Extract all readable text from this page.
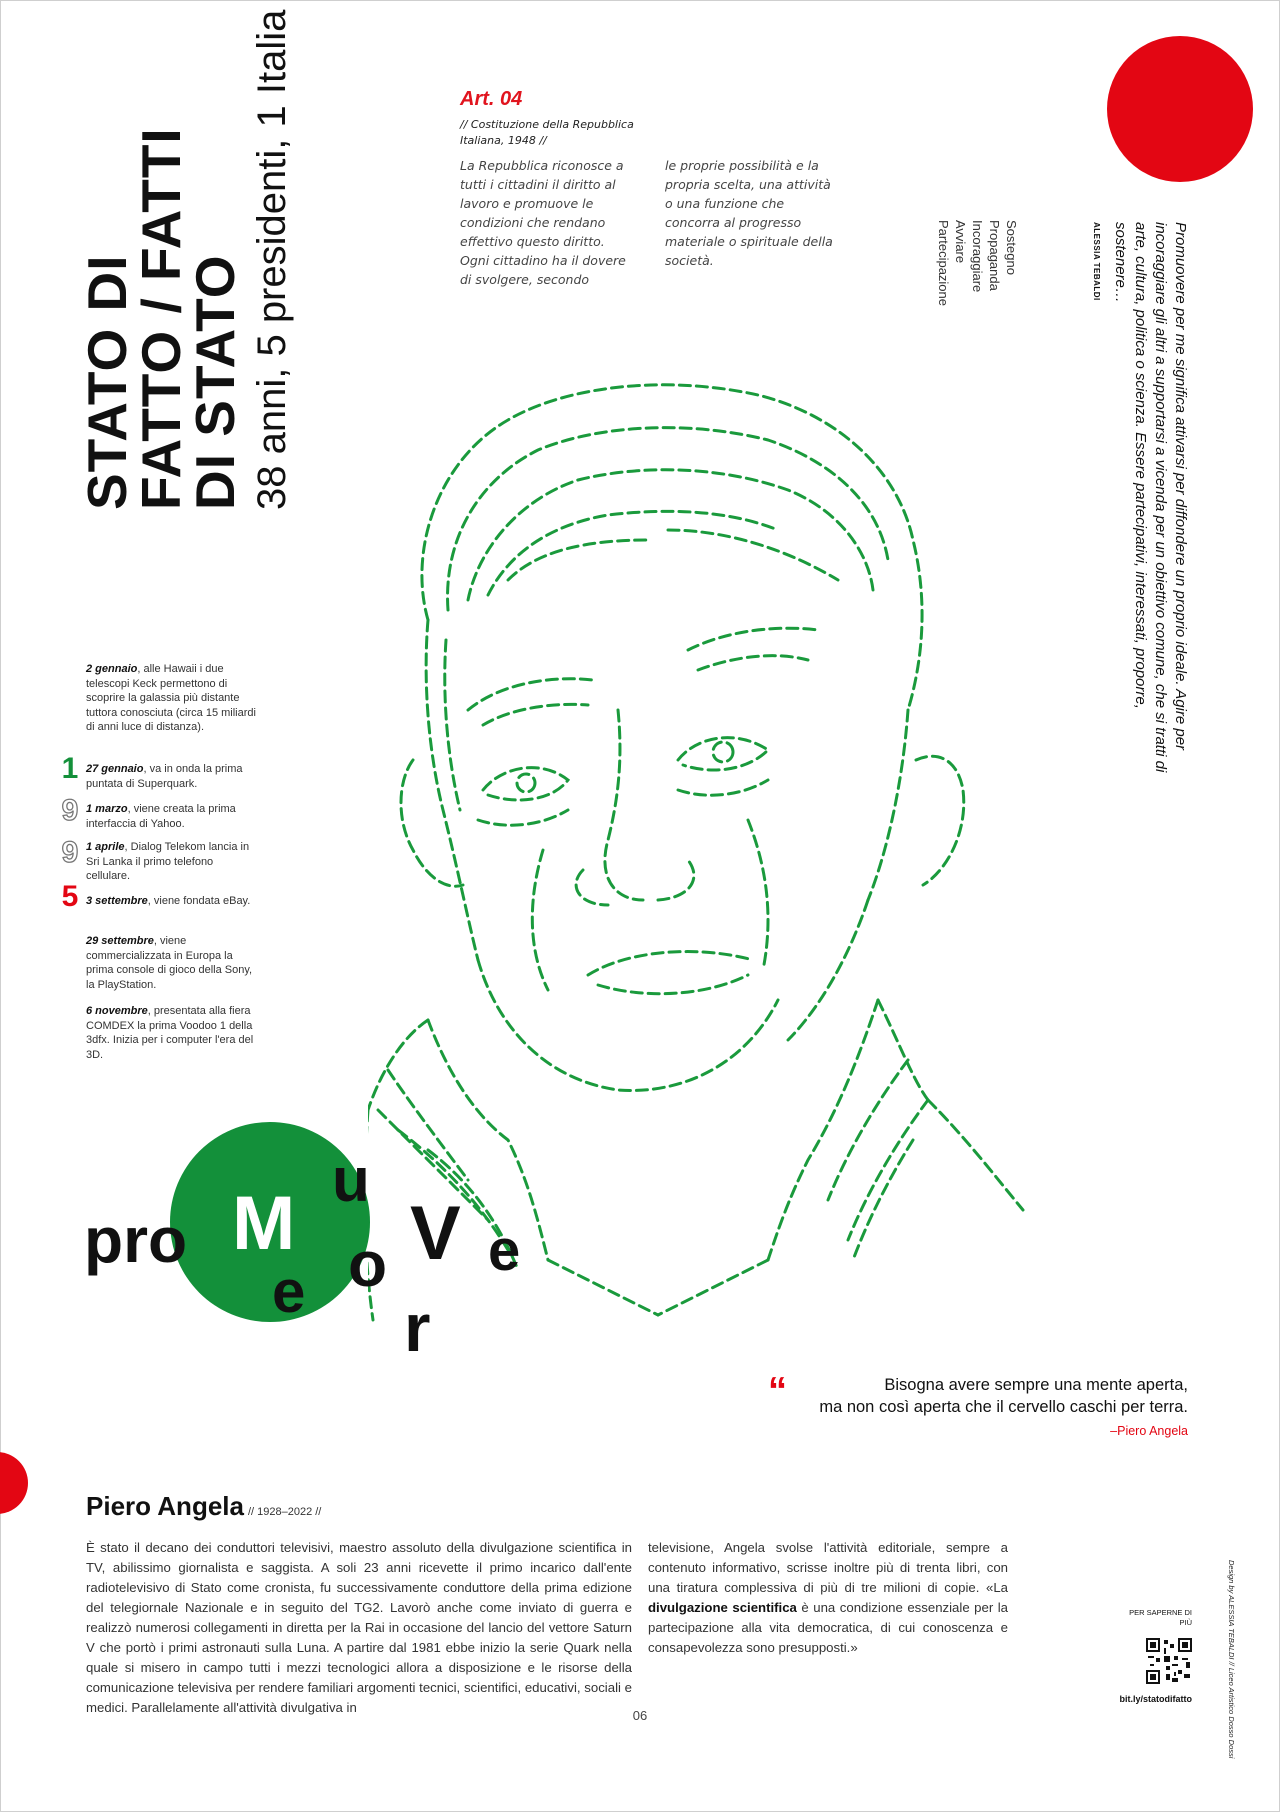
STATO DI
FATTO / FATTI
DI STATO 38 anni, 5 presidenti, 1 Italia	Art. 04
// Costituzione della Repubblica Italiana, 1948 //

La Repubblica riconosce a tutti i cittadini il diritto al lavoro e promuove le condizioni che rendano effettivo questo diritto. Ogni cittadino ha il dovere di svolgere, secondo

le proprie possibilità e la propria scelta, una attività o una funzione che concorra al progresso materiale o spirituale della società.	Sostegno
Propaganda
Incoraggiare
Avviare
Partecipazione	Promuovere per me significa attivarsi per diffondere un proprio ideale. Agire per incoraggiare gli altri a supportarsi a vicenda per un obiettivo comune, che si tratti di arte, cultura, politica o scienza. Essere partecipativi, interessati, proporre, sostenere…
ALESSIA TEBALDI
1
9
9
5
2 gennaio, alle Hawaii i due telescopi Keck permettono di scoprire la galassia più distante tuttora conosciuta (circa 15 miliardi di anni luce di distanza).
27 gennaio, va in onda la prima puntata di Superquark.
1 marzo, viene creata la prima interfaccia di Yahoo.
1 aprile, Dialog Telekom lancia in Sri Lanka il primo telefono cellulare.
3 settembre, viene fondata eBay.
29 settembre, viene commercializzata in Europa la prima console di gioco della Sony, la PlayStation.
6 novembre, presentata alla fiera COMDEX la prima Voodoo 1 della 3dfx. Inizia per i computer l'era del 3D.
pro M
u
o V e
e r
“	Bisogna avere sempre una mente aperta,
ma non così aperta che il cervello caschi per terra.
–Piero Angela
Piero Angela // 1928–2022 //
È stato il decano dei conduttori televisivi, maestro assoluto della divulgazione scientifica in TV, abilissimo giornalista e saggista. A soli 23 anni ricevette il primo incarico dall'ente radiotelevisivo di Stato come cronista, fu successivamente conduttore della prima edizione del telegiornale Nazionale e in seguito del TG2. Lavorò anche come inviato di guerra e realizzò numerosi collegamenti in diretta per la Rai in occasione del lancio del vettore Saturn V che portò i primi astronauti sulla Luna. A partire dal 1981 ebbe inizio la serie Quark nella quale si misero in campo tutti i mezzi tecnologici allora a disposizione e le risorse della comunicazione televisiva per rendere familiari argomenti tecnici, scientifici, educativi, sociali e medici. Parallelamente all'attività divulgativa in
televisione, Angela svolse l'attività editoriale, sempre a contenuto informativo, scrisse inoltre più di trenta libri, con una tiratura complessiva di più di tre milioni di copie. «La divulgazione scientifica è una condizione essenziale per la partecipazione alla vita democratica, di cui conoscenza e consapevolezza sono presupposti.»
PER SAPERNE DI PIÙ
bit.ly/statodifatto
06	Design by ALESSIA TEBALDI // Liceo Artistico Dosso Dossi
